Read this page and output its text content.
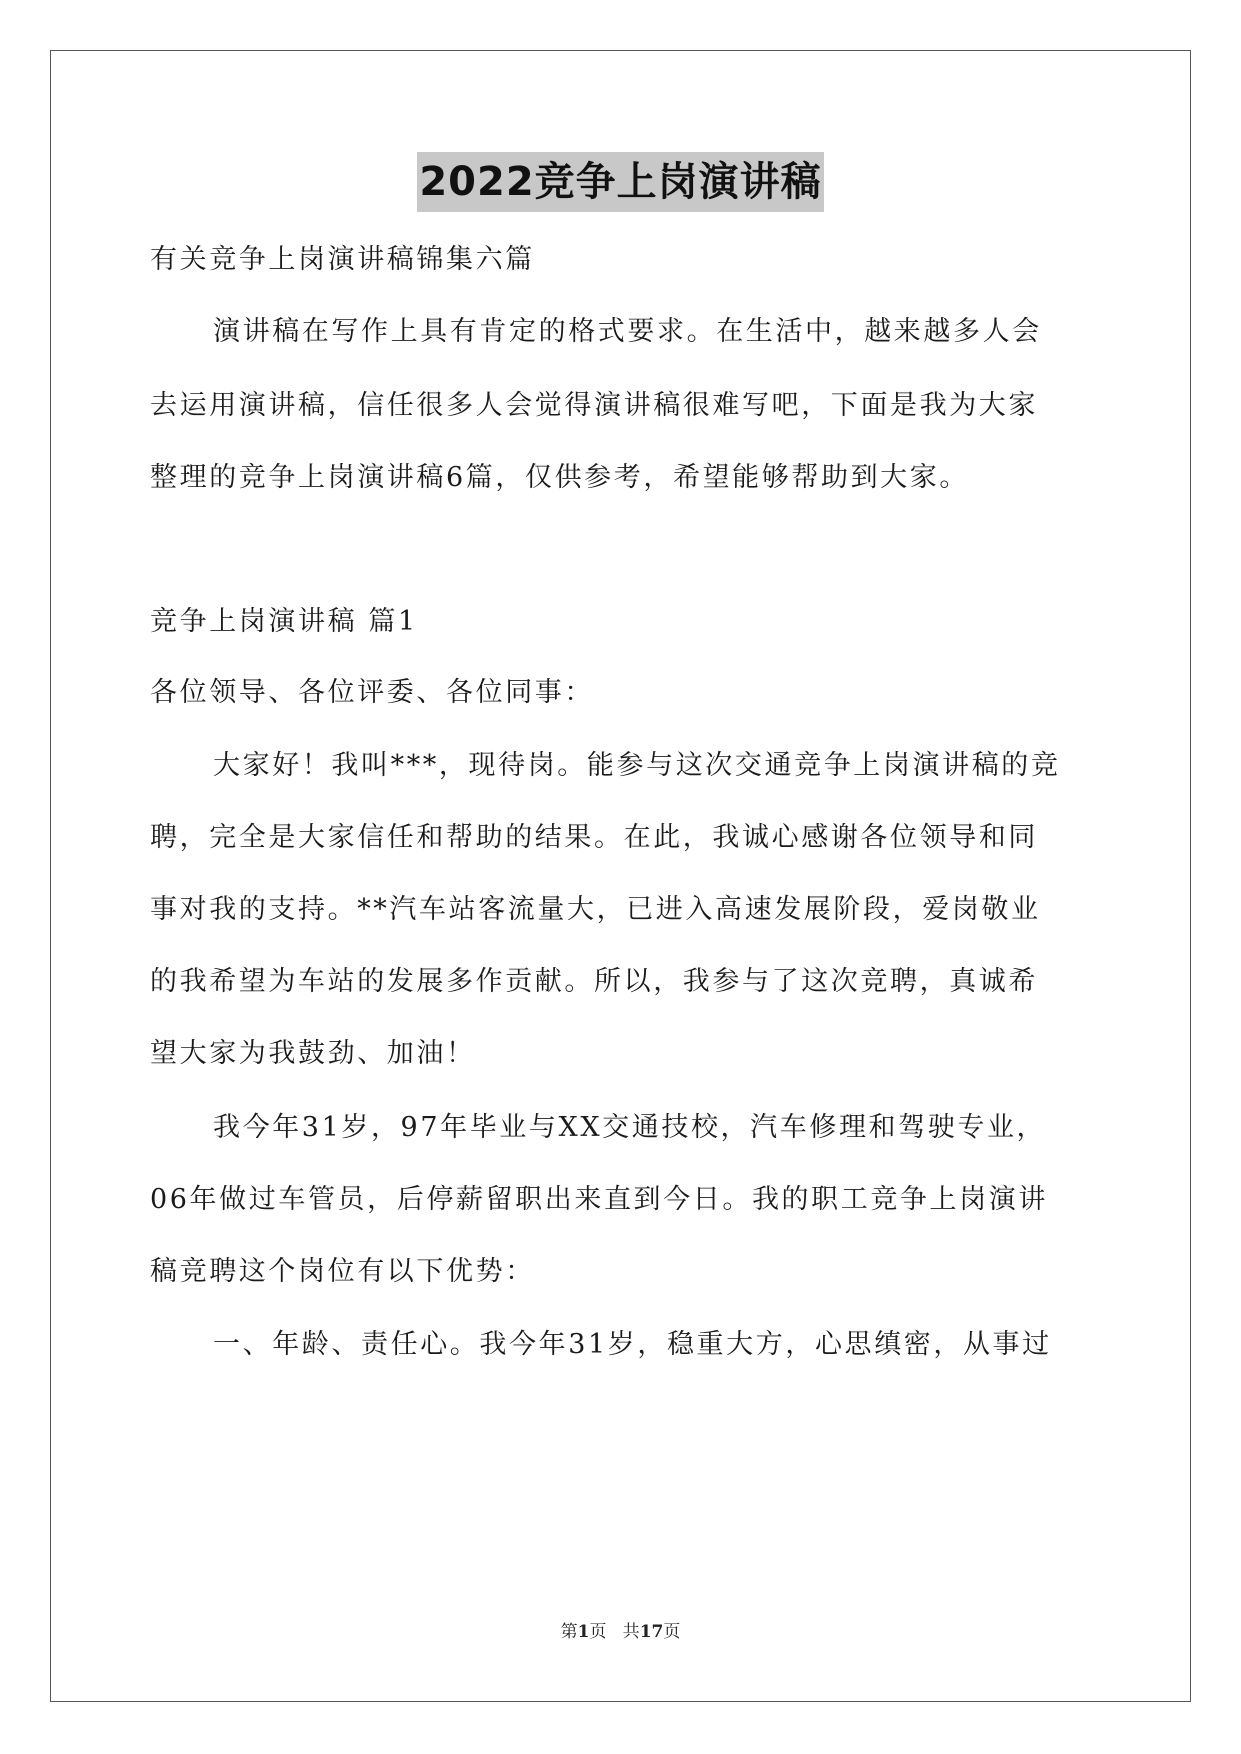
2022竞争上岗演讲稿
有关竞争上岗演讲稿锦集六篇
演讲稿在写作上具有肯定的格式要求。在生活中，越来越多人会
去运用演讲稿，信任很多人会觉得演讲稿很难写吧，下面是我为大家
整理的竞争上岗演讲稿6篇，仅供参考，希望能够帮助到大家。
竞争上岗演讲稿 篇1
各位领导、各位评委、各位同事：
大家好！我叫***，现待岗。能参与这次交通竞争上岗演讲稿的竞
聘，完全是大家信任和帮助的结果。在此，我诚心感谢各位领导和同
事对我的支持。**汽车站客流量大，已进入高速发展阶段，爱岗敬业
的我希望为车站的发展多作贡献。所以，我参与了这次竞聘，真诚希
望大家为我鼓劲、加油！
我今年31岁，97年毕业与XX交通技校，汽车修理和驾驶专业，
06年做过车管员，后停薪留职出来直到今日。我的职工竞争上岗演讲
稿竞聘这个岗位有以下优势：
一、年龄、责任心。我今年31岁，稳重大方，心思缜密，从事过
第1页   共17页
